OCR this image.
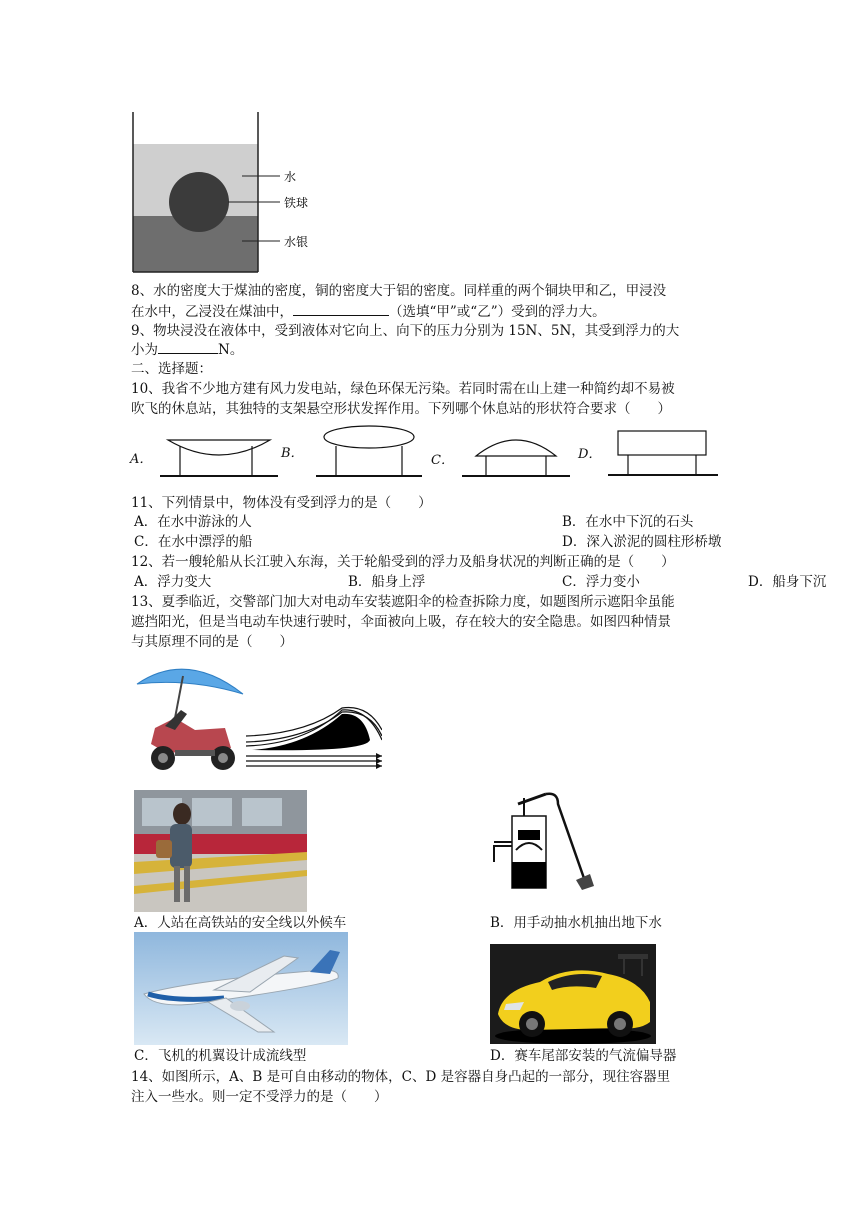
水
铁球
水银
8、水的密度大于煤油的密度，铜的密度大于铝的密度。同样重的两个铜块甲和乙，甲浸没
在水中，乙浸没在煤油中，	（选填“甲”或“乙”）受到的浮力大。
9、物块浸没在液体中，受到液体对它向上、向下的压力分别为 15N、5N，其受到浮力的大
小为	N。
二、选择题：
10、我省不少地方建有风力发电站，绿色环保无污染。若同时需在山上建一种简约却不易被
吹飞的休息站，其独特的支架悬空形状发挥作用。下列哪个休息站的形状符合要求（　　）
A．	B．	C．	D．
11、下列情景中，物体没有受到浮力的是（　　）
A．在水中游泳的人	B．在水中下沉的石头
C．在水中漂浮的船	D．深入淤泥的圆柱形桥墩
12、若一艘轮船从长江驶入东海，关于轮船受到的浮力及船身状况的判断正确的是（　　）
A．浮力变大	B．船身上浮	C．浮力变小	D．船身下沉
13、夏季临近，交警部门加大对电动车安装遮阳伞的检查拆除力度，如题图所示遮阳伞虽能
遮挡阳光，但是当电动车快速行驶时，伞面被向上吸，存在较大的安全隐患。如图四种情景
与其原理不同的是（　　）
A．人站在高铁站的安全线以外候车	B．用手动抽水机抽出地下水
C．飞机的机翼设计成流线型	D．赛车尾部安装的气流偏导器
14、如图所示，A、B 是可自由移动的物体，C、D 是容器自身凸起的一部分，现往容器里
注入一些水。则一定不受浮力的是（　　）
